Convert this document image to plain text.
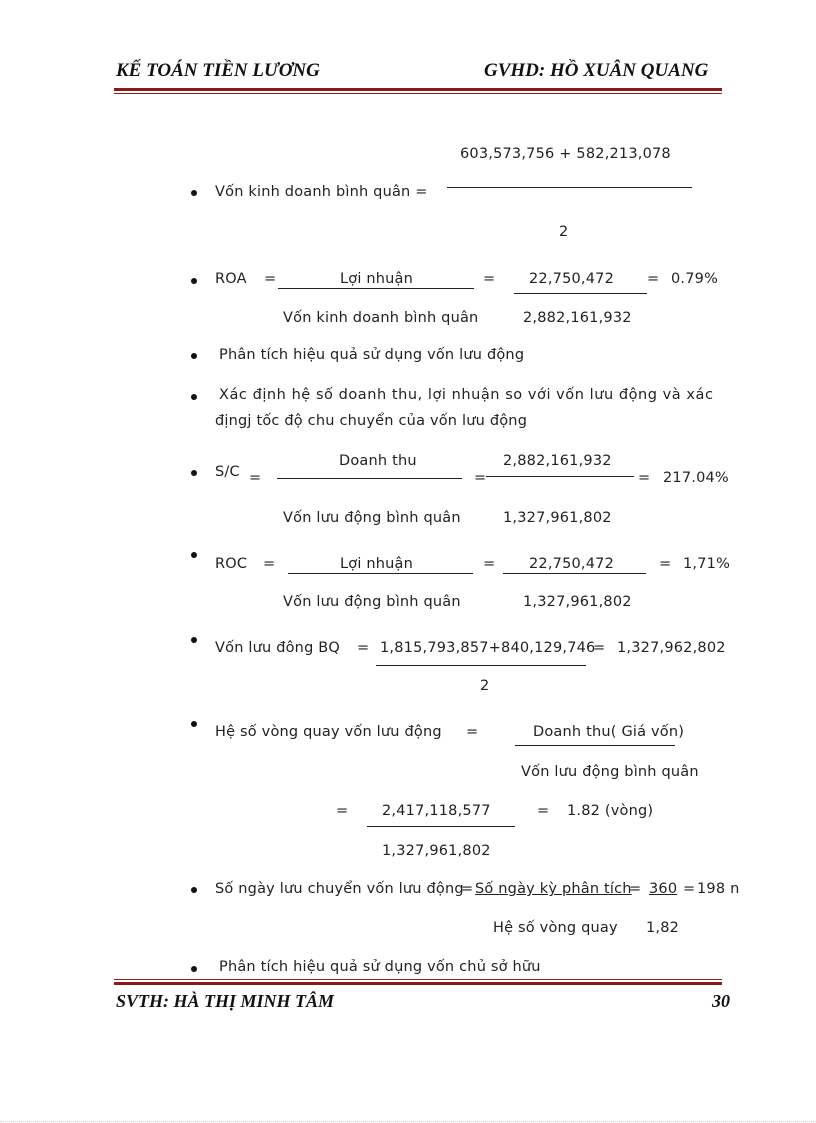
KẾ TOÁN TIỀN LƯƠNG	GVHD: HỒ XUÂN QUANG
603,573,756 + 582,213,078
Vốn kinh doanh bình quân =
2
ROA =	Lợi nhuận	= 22,750,472 = 0.79%
Vốn kinh doanh bình quân	2,882,161,932
Phân tích hiệu quả sử dụng vốn lưu động
Xác định hệ số doanh thu, lợi nhuận so với vốn lưu động và xác
địngj tốc độ chu chuyển của vốn lưu động
Doanh thu	2,882,161,932
S/C =	=	= 217.04%
Vốn lưu động bình quân	1,327,961,802
ROC =	Lợi nhuận	= 22,750,472	= 1,71%
Vốn lưu động bình quân	1,327,961,802
Vốn lưu đông BQ = 1,815,793,857+840,129,746
= 1,327,962,802
2
Hệ số vòng quay vốn lưu động =	Doanh thu( Giá vốn)
Vốn lưu động bình quân
= 2,417,118,577	= 1.82 (vòng)
1,327,961,802
Số ngày lưu chuyển vốn lưu động
= Số ngày kỳ phân tích
= 360 = 198 n
Hệ số vòng quay 1,82
Phân tích hiệu quả sử dụng vốn chủ sở hữu
SVTH: HÀ THỊ MINH TÂM	30
